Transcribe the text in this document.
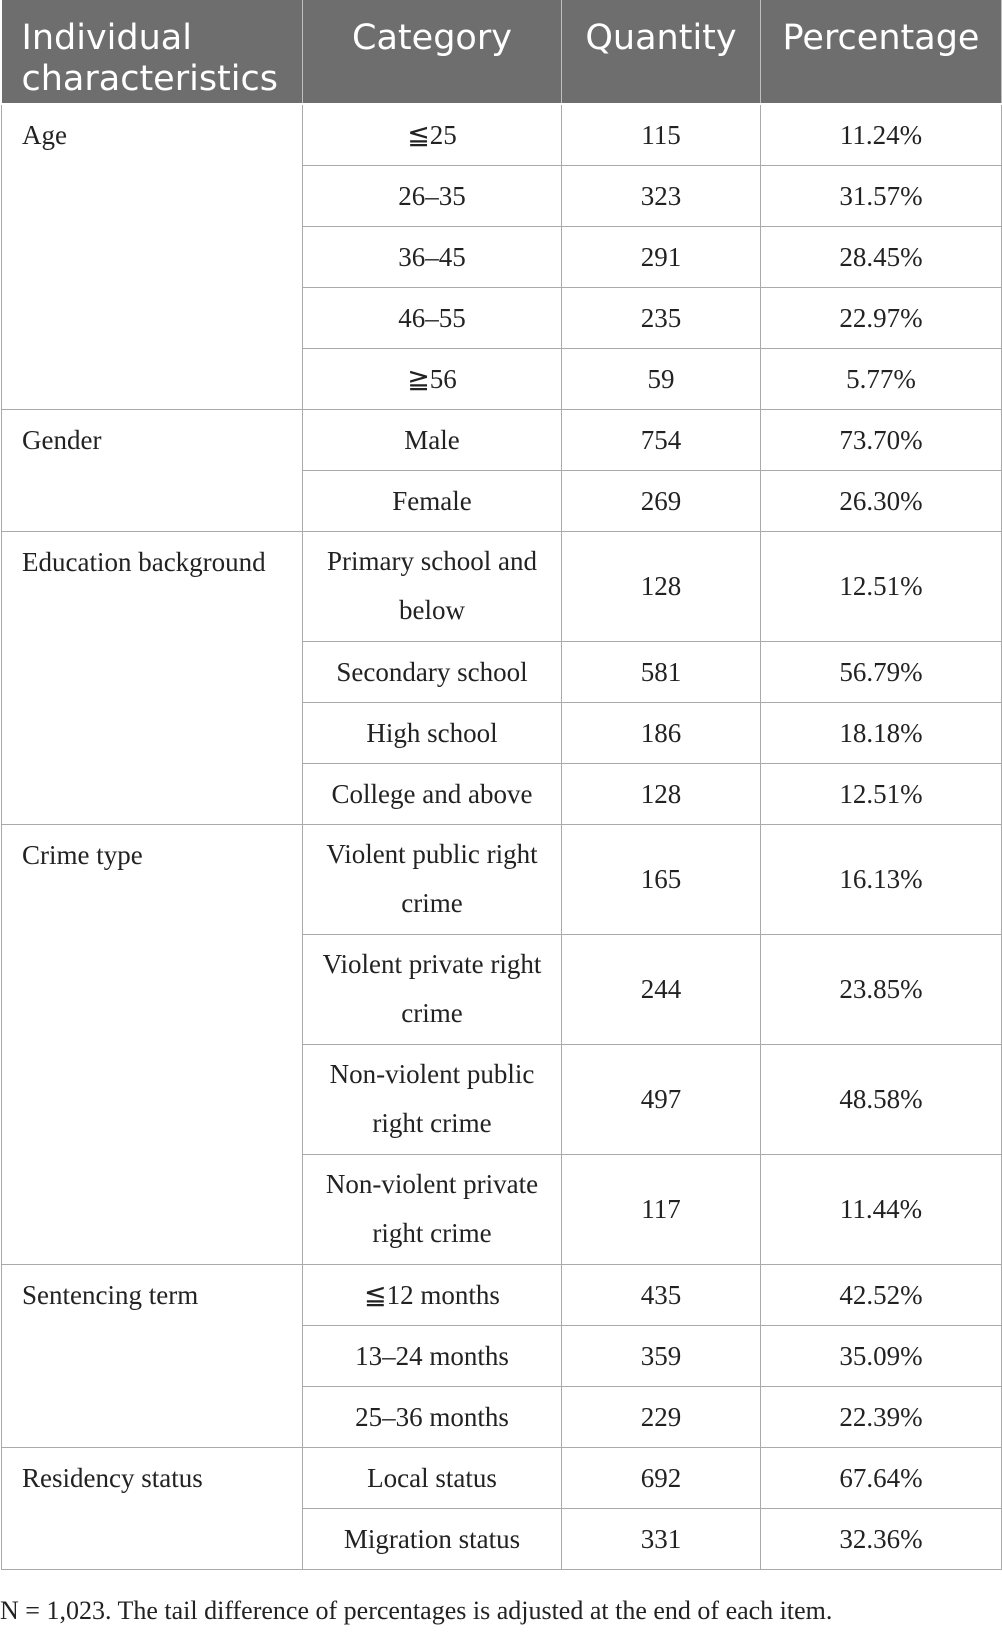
Individual characteristics	Category	Quantity	Percentage
Age	≦25	115	11.24%
	26–35	323	31.57%
	36–45	291	28.45%
	46–55	235	22.97%
	≧56	59	5.77%
Gender	Male	754	73.70%
	Female	269	26.30%
Education background	Primary school and below	128	12.51%
	Secondary school	581	56.79%
	High school	186	18.18%
	College and above	128	12.51%
Crime type	Violent public right crime	165	16.13%
	Violent private right crime	244	23.85%
	Non-violent public right crime	497	48.58%
	Non-violent private right crime	117	11.44%
Sentencing term	≦12 months	435	42.52%
	13–24 months	359	35.09%
	25–36 months	229	22.39%
Residency status	Local status	692	67.64%
	Migration status	331	32.36%
N = 1,023. The tail difference of percentages is adjusted at the end of each item.
